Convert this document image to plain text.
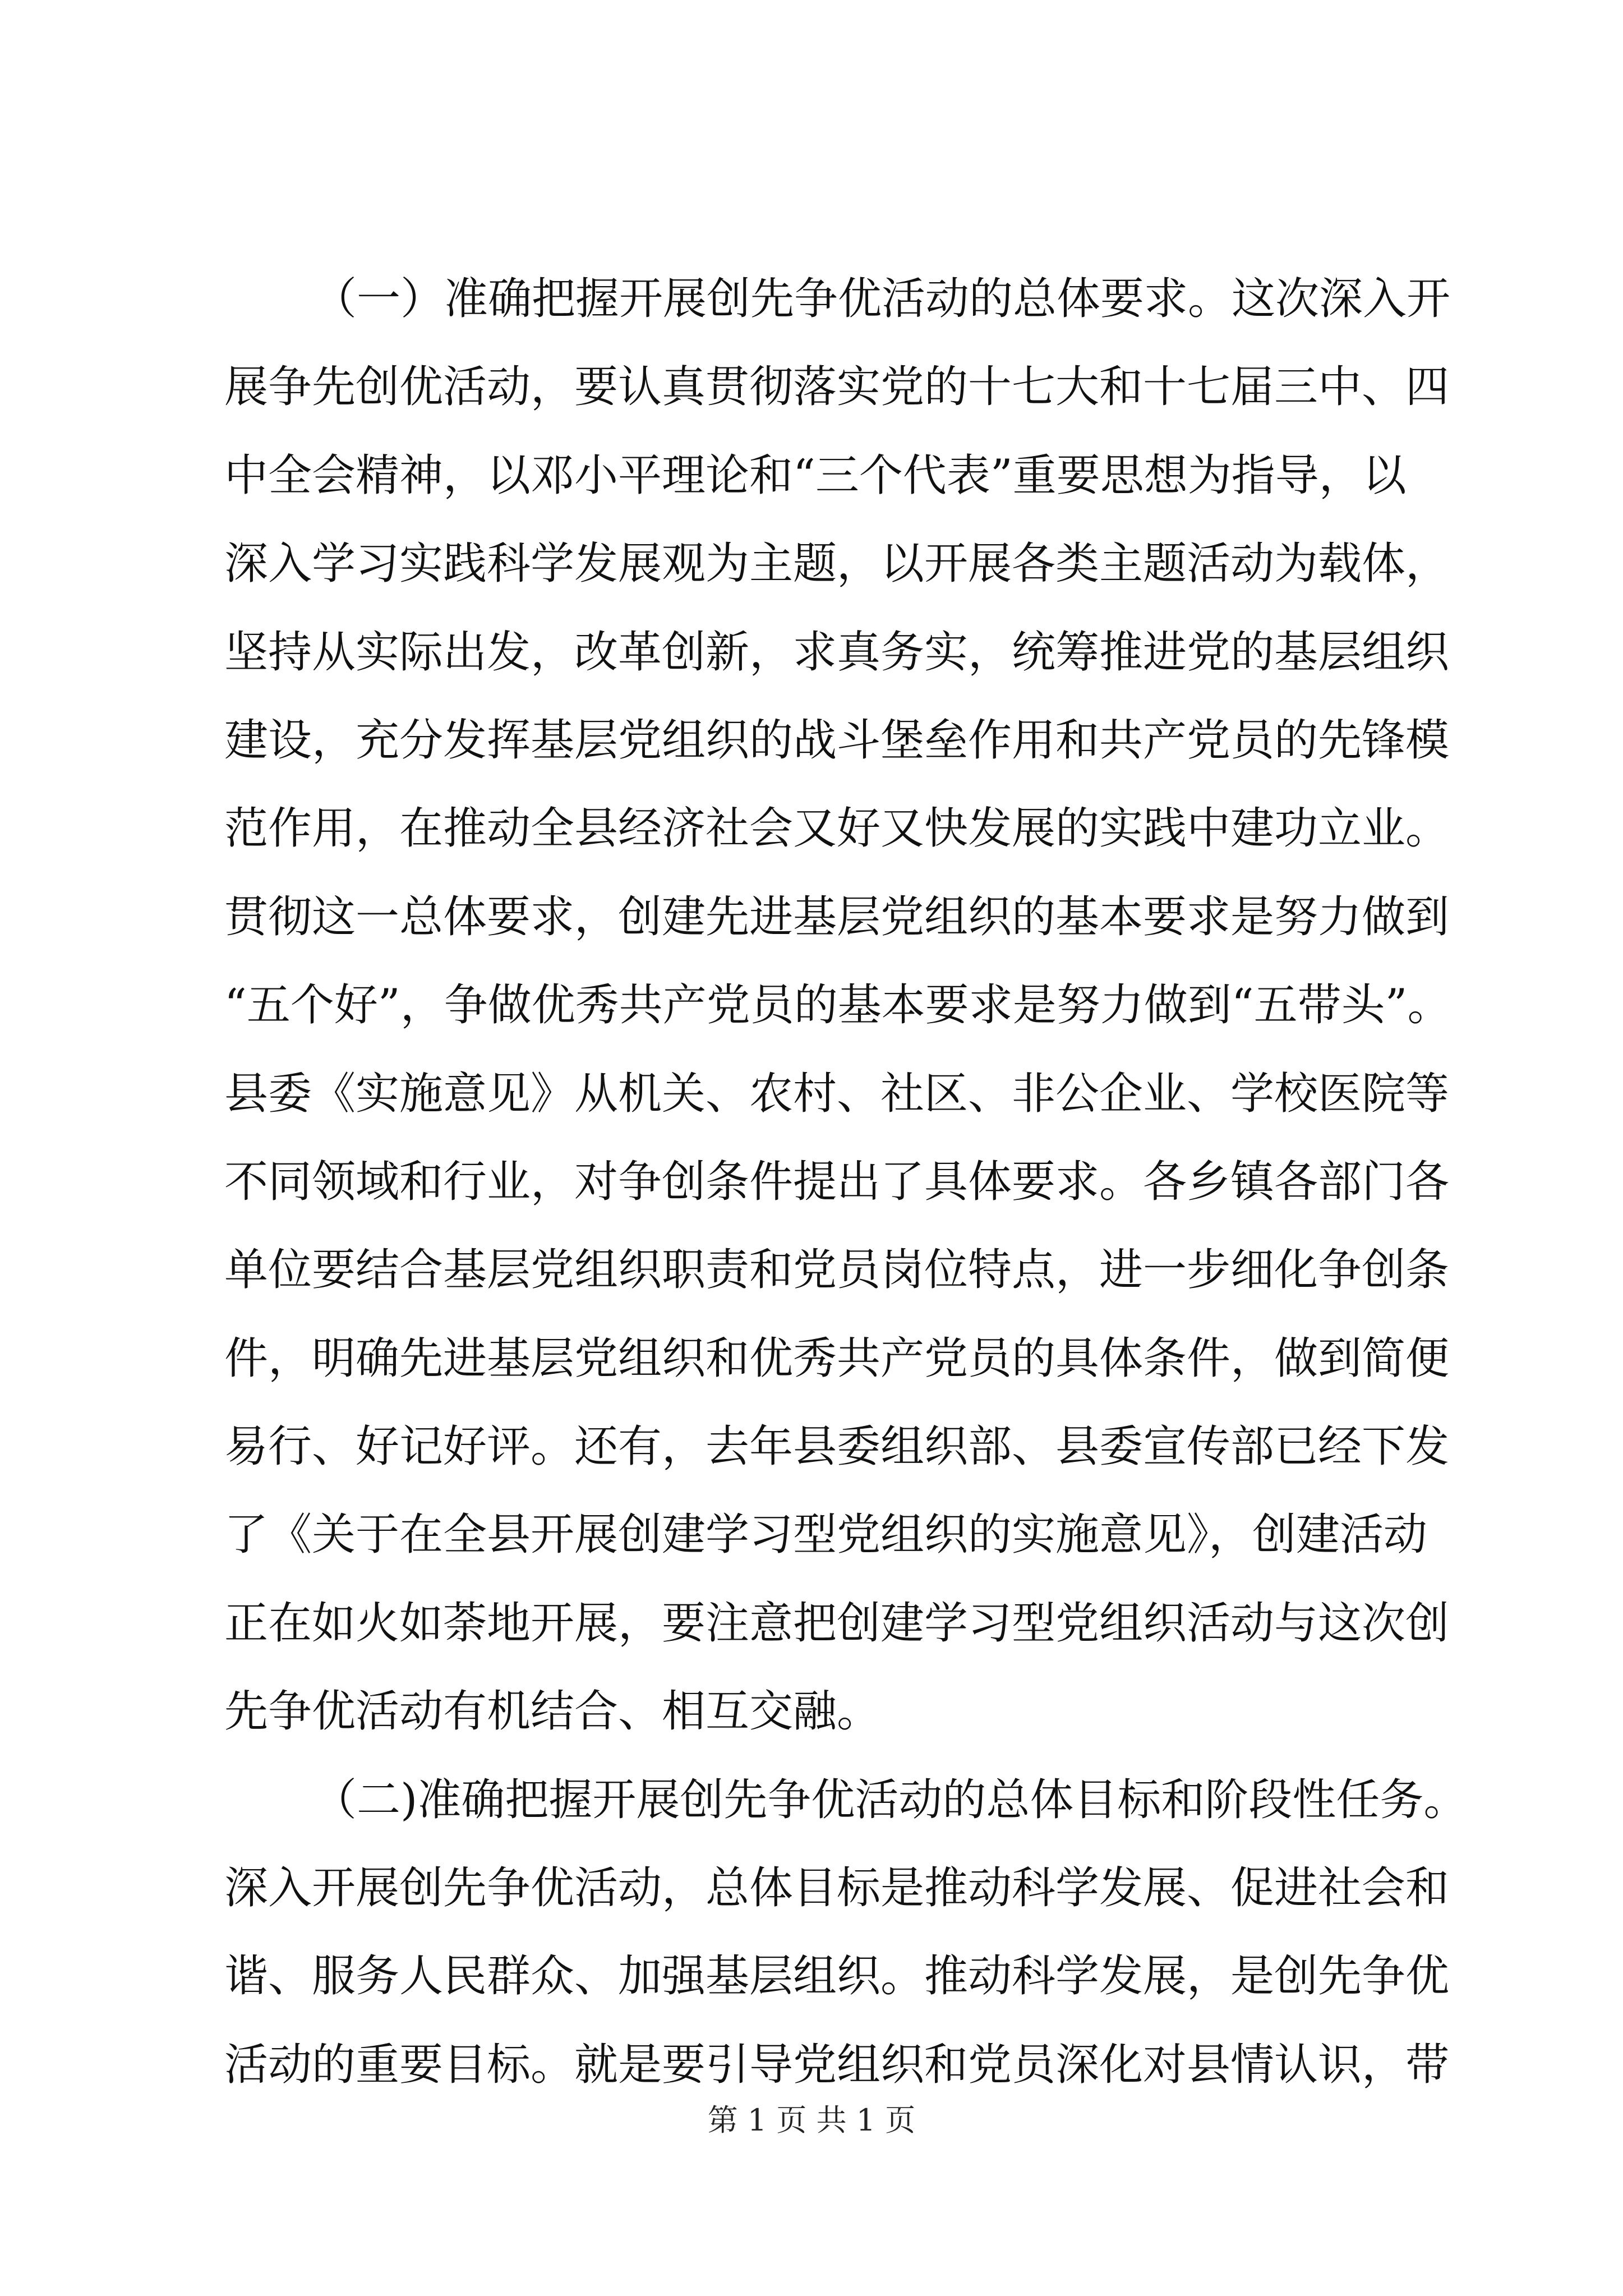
（一）准确把握开展创先争优活动的总体要求。这次深入开
展争先创优活动，要认真贯彻落实党的十七大和十七届三中、四
中全会精神，以邓小平理论和“三个代表”重要思想为指导，以
深入学习实践科学发展观为主题，以开展各类主题活动为载体，
坚持从实际出发，改革创新，求真务实，统筹推进党的基层组织
建设，充分发挥基层党组织的战斗堡垒作用和共产党员的先锋模
范作用，在推动全县经济社会又好又快发展的实践中建功立业。
贯彻这一总体要求，创建先进基层党组织的基本要求是努力做到
“五个好”，争做优秀共产党员的基本要求是努力做到“五带头”。
县委《实施意见》从机关、农村、社区、非公企业、学校医院等
不同领域和行业，对争创条件提出了具体要求。各乡镇各部门各
单位要结合基层党组织职责和党员岗位特点，进一步细化争创条
件，明确先进基层党组织和优秀共产党员的具体条件，做到简便
易行、好记好评。还有，去年县委组织部、县委宣传部已经下发
了《关于在全县开展创建学习型党组织的实施意见》，创建活动
正在如火如荼地开展，要注意把创建学习型党组织活动与这次创
先争优活动有机结合、相互交融。
（二)准确把握开展创先争优活动的总体目标和阶段性任务。
深入开展创先争优活动，总体目标是推动科学发展、促进社会和
谐、服务人民群众、加强基层组织。推动科学发展，是创先争优
活动的重要目标。就是要引导党组织和党员深化对县情认识，带
第 1 页 共 1 页
